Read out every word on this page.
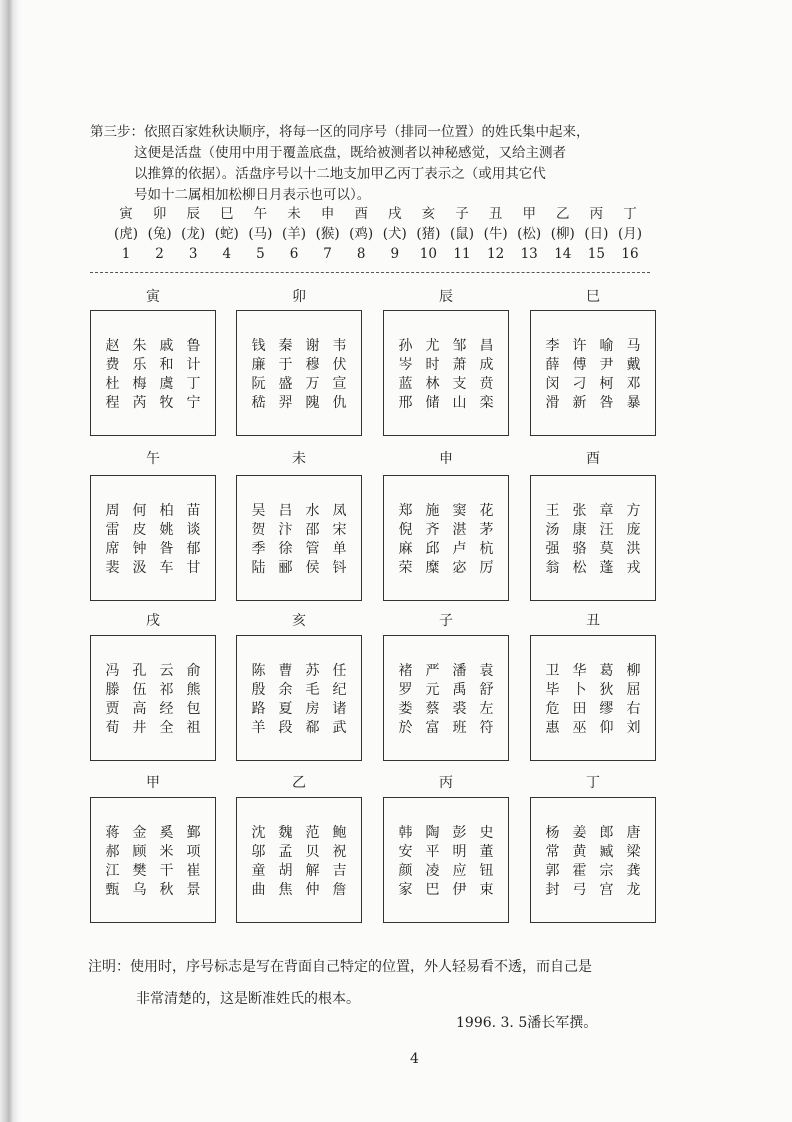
第三步：依照百家姓秋诀顺序，将每一区的同序号（排同一位置）的姓氏集中起来，
这便是活盘（使用中用于覆盖底盘，既给被测者以神秘感觉，又给主测者
以推算的依据）。活盘序号以十二地支加甲乙丙丁表示之（或用其它代
号如十二属相加松柳日月表示也可以）。
寅
(虎)
1
卯
(兔)
2
辰
(龙)
3
巳
(蛇)
4
午
(马)
5
未
(羊)
6
申
(猴)
7
酉
(鸡)
8
戌
(犬)
9
亥
(猪)
10
子
(鼠)
11
丑
(牛)
12
甲
(松)
13
乙
(柳)
14
丙
(日)
15
丁
(月)
16
寅
赵 朱 戚 鲁
费 乐 和 计
杜 梅 虞 丁
程 芮 牧 宁
卯
钱 秦 谢 韦
廉 于 穆 伏
阮 盛 万 宣
嵇 羿 隗 仇
辰
孙 尤 邹 昌
岑 时 萧 成
蓝 林 支 贲
邢 储 山 栾
巳
李 许 喻 马
薛 傅 尹 戴
闵 刁 柯 邓
滑 新 咎 暴
午
周 何 柏 苗
雷 皮 姚 谈
席 钟 昝 郁
裴 汲 车 甘
未
吴 吕 水 凤
贺 汴 邵 宋
季 徐 管 单
陆 郦 侯 钭
申
郑 施 窦 花
倪 齐 湛 茅
麻 邱 卢 杭
荣 糜 宓 厉
酉
王 张 章 方
汤 康 汪 庞
强 骆 莫 洪
翁 松 蓬 戎
戌
冯 孔 云 俞
滕 伍 祁 熊
贾 高 经 包
荀 井 全 祖
亥
陈 曹 苏 任
殷 余 毛 纪
路 夏 房 诸
羊 段 郗 武
子
褚 严 潘 袁
罗 元 禹 舒
娄 蔡 裘 左
於 富 班 符
丑
卫 华 葛 柳
毕 卜 狄 屈
危 田 缪 右
惠 巫 仰 刘
甲
蒋 金 奚 鄞
郝 顾 米 项
江 樊 干 崔
甄 乌 秋 景
乙
沈 魏 范 鲍
邬 孟 贝 祝
童 胡 解 吉
曲 焦 仲 詹
丙
韩 陶 彭 史
安 平 明 董
颜 凌 应 钮
家 巴 伊 束
丁
杨 姜 郎 唐
常 黄 臧 梁
郭 霍 宗 龚
封 弓 宫 龙
注明：使用时，序号标志是写在背面自己特定的位置，外人轻易看不透，而自己是
非常清楚的，这是断准姓氏的根本。
1996. 3. 5潘长军撰。
4
